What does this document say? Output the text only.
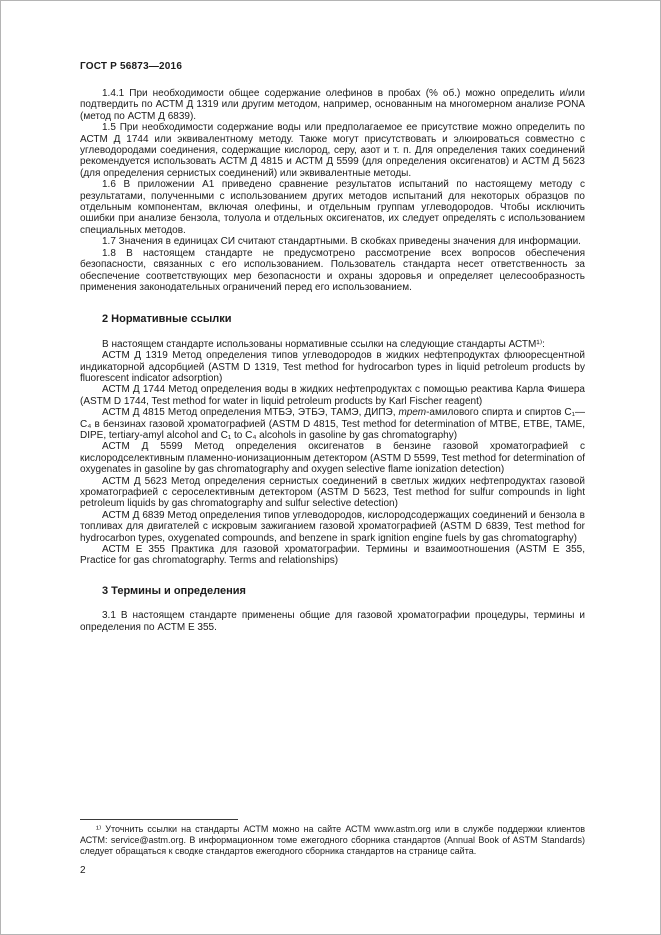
ГОСТ Р 56873—2016

1.4.1 При необходимости общее содержание олефинов в пробах (% об.) можно определить и/или подтвердить по АСТМ Д 1319 или другим методом, например, основанным на многомерном анализе PONA (метод по АСТМ Д 6839).

1.5 При необходимости содержание воды или предполагаемое ее присутствие можно определить по АСТМ Д 1744 или эквивалентному методу. Также могут присутствовать и элюироваться совместно с углеводородами соединения, содержащие кислород, серу, азот и т. п. Для определения таких соединений рекомендуется использовать АСТМ Д 4815 и АСТМ Д 5599 (для определения оксигенатов) и АСТМ Д 5623 (для определения сернистых соединений) или эквивалентные методы.

1.6 В приложении А1 приведено сравнение результатов испытаний по настоящему методу с результатами, полученными с использованием других методов испытаний для некоторых образцов по отдельным компонентам, включая олефины, и отдельным группам углеводородов. Чтобы исключить ошибки при анализе бензола, толуола и отдельных оксигенатов, их следует определять с использованием специальных методов.

1.7 Значения в единицах СИ считают стандартными. В скобках приведены значения для информации.

1.8 В настоящем стандарте не предусмотрено рассмотрение всех вопросов обеспечения безопасности, связанных с его использованием. Пользователь стандарта несет ответственность за обеспечение соответствующих мер безопасности и охраны здоровья и определяет целесообразность применения законодательных ограничений перед его использованием.

2 Нормативные ссылки

В настоящем стандарте использованы нормативные ссылки на следующие стандарты АСТМ¹⁾:

АСТМ Д 1319 Метод определения типов углеводородов в жидких нефтепродуктах флюоресцентной индикаторной адсорбцией (ASTM D 1319, Test method for hydrocarbon types in liquid petroleum products by fluorescent indicator adsorption)

АСТМ Д 1744 Метод определения воды в жидких нефтепродуктах с помощью реактива Карла Фишера (ASTM D 1744, Test method for water in liquid petroleum products by Karl Fischer reagent)

АСТМ Д 4815 Метод определения МТБЭ, ЭТБЭ, ТАМЭ, ДИПЭ, трет-амилового спирта и спиртов C₁—C₄ в бензинах газовой хроматографией (ASTM D 4815, Test method for determination of MTBE, ETBE, TAME, DIPE, tertiary-amyl alcohol and C₁ to C₄ alcohols in gasoline by gas chromatography)

АСТМ Д 5599 Метод определения оксигенатов в бензине газовой хроматографией с кислородселективным пламенно-ионизационным детектором (ASTM D 5599, Test method for determination of oxygenates in gasoline by gas chromatography and oxygen selective flame ionization detection)

АСТМ Д 5623 Метод определения сернистых соединений в светлых жидких нефтепродуктах газовой хроматографией с сероселективным детектором (ASTM D 5623, Test method for sulfur compounds in light petroleum liquids by gas chromatography and sulfur selective detection)

АСТМ Д 6839 Метод определения типов углеводородов, кислородсодержащих соединений и бензола в топливах для двигателей с искровым зажиганием газовой хроматографией (ASTM D 6839, Test method for hydrocarbon types, oxygenated compounds, and benzene in spark ignition engine fuels by gas chromatography)

АСТМ Е 355 Практика для газовой хроматографии. Термины и взаимоотношения (ASTM E 355, Practice for gas chromatography. Terms and relationships)

3 Термины и определения

3.1 В настоящем стандарте применены общие для газовой хроматографии процедуры, термины и определения по АСТМ Е 355.

¹⁾ Уточнить ссылки на стандарты АСТМ можно на сайте АСТМ www.astm.org или в службе поддержки клиентов АСТМ: service@astm.org. В информационном томе ежегодного сборника стандартов (Annual Book of ASTM Standards) следует обращаться к сводке стандартов ежегодного сборника стандартов на странице сайта.

2
